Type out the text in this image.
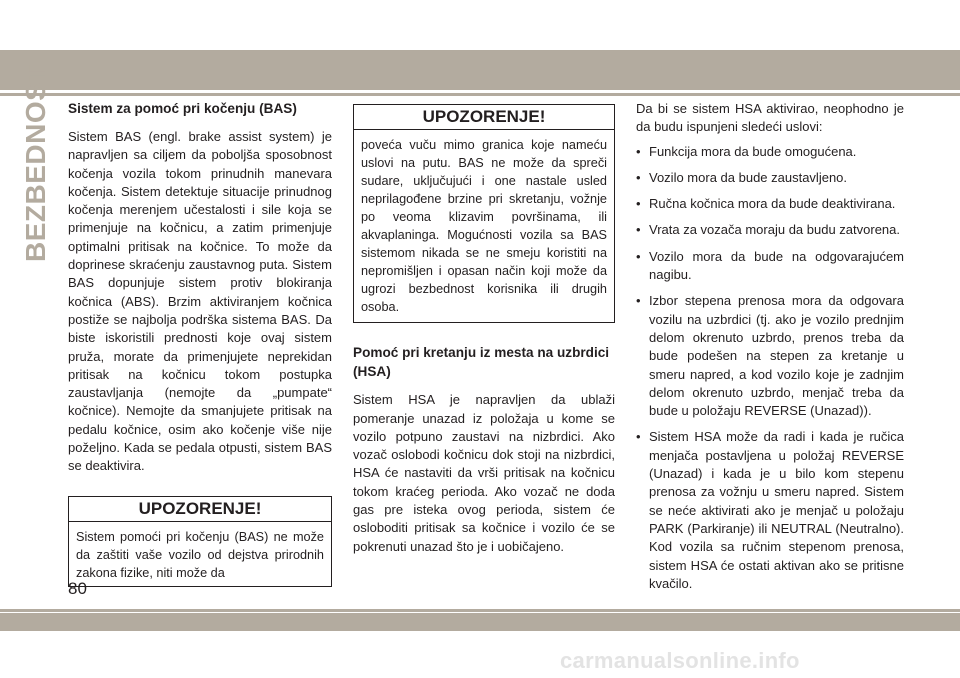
BEZBEDNOST Sistem za pomoć pri kočenju (BAS)

Sistem BAS (engl. brake assist system) je napravljen sa ciljem da poboljša sposobnost kočenja vozila tokom prinudnih manevara kočenja. Sistem detektuje situacije prinudnog kočenja merenjem učestalosti i sile koja se primenjuje na kočnicu, a zatim primenjuje optimalni pritisak na kočnice. To može da doprinese skraćenju zaustavnog puta. Sistem BAS dopunjuje sistem protiv blokiranja kočnica (ABS). Brzim aktiviranjem kočnica postiže se najbolja podrška sistema BAS. Da biste iskoristili prednosti koje ovaj sistem pruža, morate da primenjujete neprekidan pritisak na kočnicu tokom postupka zaustavljanja (nemojte da „pumpate“ kočnice). Nemojte da smanjujete pritisak na pedalu kočnice, osim ako kočenje više nije poželjno. Kada se pedala otpusti, sistem BAS se deaktivira.

UPOZORENJE!
Sistem pomoći pri kočenju (BAS) ne može da zaštiti vaše vozilo od dejstva prirodnih zakona fizike, niti može da
UPOZORENJE!
poveća vuču mimo granica koje nameću uslovi na putu. BAS ne može da spreči sudare, uključujući i one nastale usled neprilagođene brzine pri skretanju, vožnje po veoma klizavim površinama, ili akvaplaninga. Mogućnosti vozila sa BAS sistemom nikada se ne smeju koristiti na nepromišljen i opasan način koji može da ugrozi bezbednost korisnika ili drugih osoba.
Pomoć pri kretanju iz mesta na uzbrdici (HSA)

Sistem HSA je napravljen da ublaži pomeranje unazad iz položaja u kome se vozilo potpuno zaustavi na nizbrdici. Ako vozač oslobodi kočnicu dok stoji na nizbrdici, HSA će nastaviti da vrši pritisak na kočnicu tokom kraćeg perioda. Ako vozač ne doda gas pre isteka ovog perioda, sistem će osloboditi pritisak sa kočnice i vozilo će se pokrenuti unazad što je i uobičajeno.

Da bi se sistem HSA aktivirao, neophodno je da budu ispunjeni sledeći uslovi:

• Funkcija mora da bude omogućena.
• Vozilo mora da bude zaustavljeno.
• Ručna kočnica mora da bude deaktivirana.
• Vrata za vozača moraju da budu zatvorena.
• Vozilo mora da bude na odgovarajućem nagibu.
• Izbor stepena prenosa mora da odgovara vozilu na uzbrdici (tj. ako je vozilo prednjim delom okrenuto uzbrdo, prenos treba da bude podešen na stepen za kretanje u smeru napred, a kod vozilo koje je zadnjim delom okrenuto uzbrdo, menjač treba da bude u položaju REVERSE (Unazad)).
• Sistem HSA može da radi i kada je ručica menjača postavljena u položaj REVERSE (Unazad) i kada je u bilo kom stepenu prenosa za vožnju u smeru napred. Sistem se neće aktivirati ako je menjač u položaju PARK (Parkiranje) ili NEUTRAL (Neutralno). Kod vozila sa ručnim stepenom prenosa, sistem HSA će ostati aktivan ako se pritisne kvačilo.
80
carmanualsonline.info
